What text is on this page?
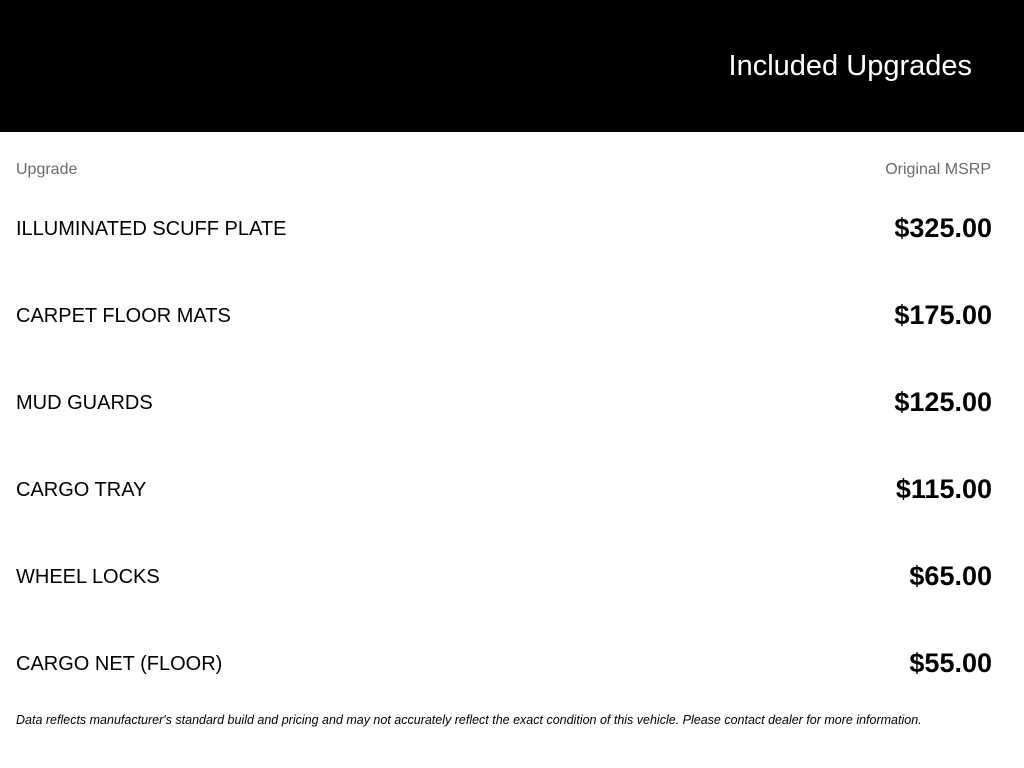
Included Upgrades
Upgrade	Original MSRP
ILLUMINATED SCUFF PLATE	$325.00
CARPET FLOOR MATS	$175.00
MUD GUARDS	$125.00
CARGO TRAY	$115.00
WHEEL LOCKS	$65.00
CARGO NET (FLOOR)	$55.00
Data reflects manufacturer's standard build and pricing and may not accurately reflect the exact condition of this vehicle. Please contact dealer for more information.
